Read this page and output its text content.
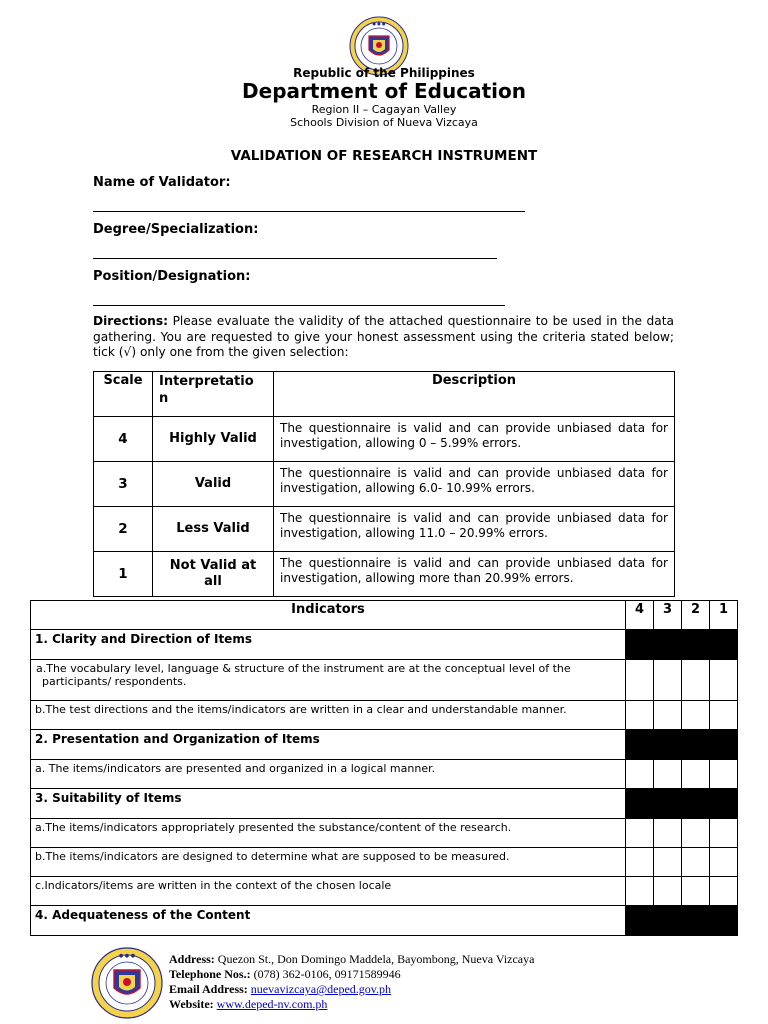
● ● ●
Republic of the Philippines
Department of Education
Region II – Cagayan Valley
Schools Division of Nueva Vizcaya
VALIDATION OF RESEARCH INSTRUMENT
Name of Validator:
Degree/Specialization:
Position/Designation:
Directions: Please evaluate the validity of the attached questionnaire to be used in the data gathering. You are requested to give your honest assessment using the criteria stated below; tick (√) only one from the given selection:
Scale	Interpretatio n	Description
4	Highly Valid	The questionnaire is valid and can provide unbiased data for investigation, allowing 0 – 5.99% errors.
3	Valid	The questionnaire is valid and can provide unbiased data for investigation, allowing 6.0- 10.99% errors.
2	Less Valid	The questionnaire is valid and can provide unbiased data for investigation, allowing 11.0 – 20.99% errors.
1	Not Valid at all	The questionnaire is valid and can provide unbiased data for investigation, allowing more than 20.99% errors.
Indicators	4	3	2	1
1. Clarity and Direction of Items				
a.The vocabulary level, language & structure of the instrument are at the conceptual level of the participants/ respondents.				
b.The test directions and the items/indicators are written in a clear and understandable manner.				
2. Presentation and Organization of Items				
a. The items/indicators are presented and organized in a logical manner.				
3. Suitability of Items				
a.The items/indicators appropriately presented the substance/content of the research.				
b.The items/indicators are designed to determine what are supposed to be measured.				
c.Indicators/items are written in the context of the chosen locale				
4. Adequateness of the Content				
● ● ●	Address: Quezon St., Don Domingo Maddela, Bayombong, Nueva Vizcaya
Telephone Nos.: (078) 362-0106, 09171589946
Email Address: nuevavizcaya@deped.gov.ph
Website: www.deped-nv.com.ph
